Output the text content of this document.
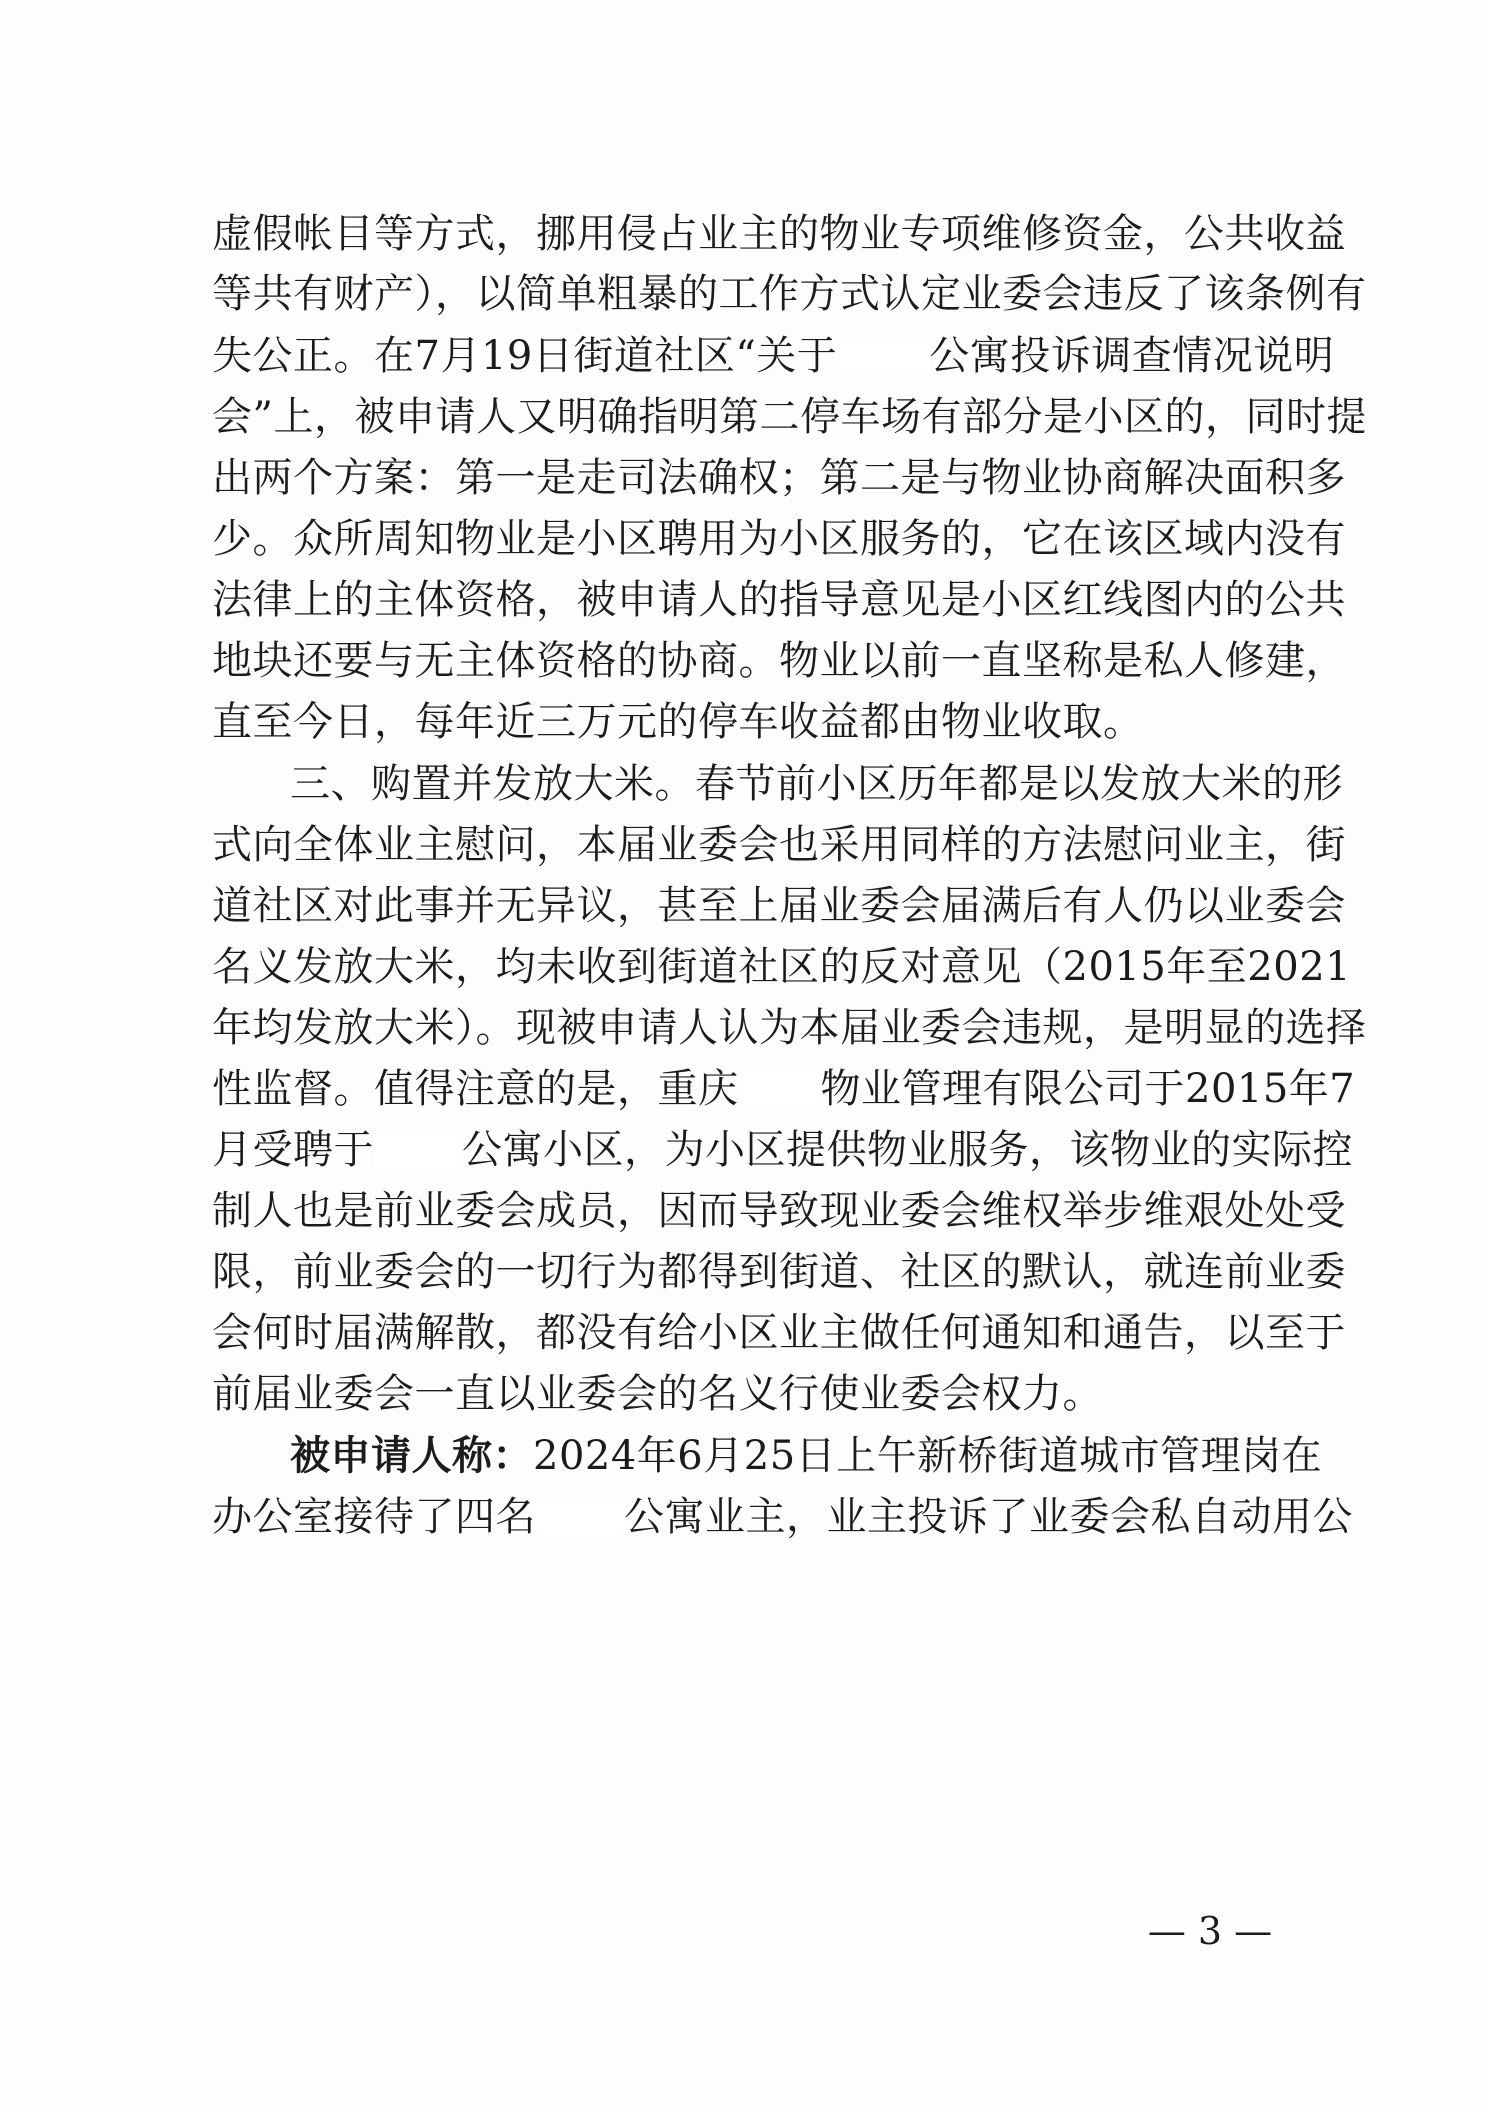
虚假帐目等方式，挪用侵占业主的物业专项维修资金，公共收益
等共有财产），以简单粗暴的工作方式认定业委会违反了该条例有
失公正。在7月19日街道社区“关于 公寓投诉调查情况说明
会”上，被申请人又明确指明第二停车场有部分是小区的，同时提
出两个方案：第一是走司法确权；第二是与物业协商解决面积多
少。众所周知物业是小区聘用为小区服务的，它在该区域内没有
法律上的主体资格，被申请人的指导意见是小区红线图内的公共
地块还要与无主体资格的协商。物业以前一直坚称是私人修建，
直至今日，每年近三万元的停车收益都由物业收取。
三、购置并发放大米。春节前小区历年都是以发放大米的形
式向全体业主慰问，本届业委会也采用同样的方法慰问业主，街
道社区对此事并无异议，甚至上届业委会届满后有人仍以业委会
名义发放大米，均未收到街道社区的反对意见（2015年至2021
年均发放大米）。现被申请人认为本届业委会违规，是明显的选择
性监督。值得注意的是，重庆 物业管理有限公司于2015年7
月受聘于 公寓小区，为小区提供物业服务，该物业的实际控
制人也是前业委会成员，因而导致现业委会维权举步维艰处处受
限，前业委会的一切行为都得到街道、社区的默认，就连前业委
会何时届满解散，都没有给小区业主做任何通知和通告，以至于
前届业委会一直以业委会的名义行使业委会权力。
被申请人称：2024年6月25日上午新桥街道城市管理岗在
办公室接待了四名 公寓业主，业主投诉了业委会私自动用公
— 3 —
